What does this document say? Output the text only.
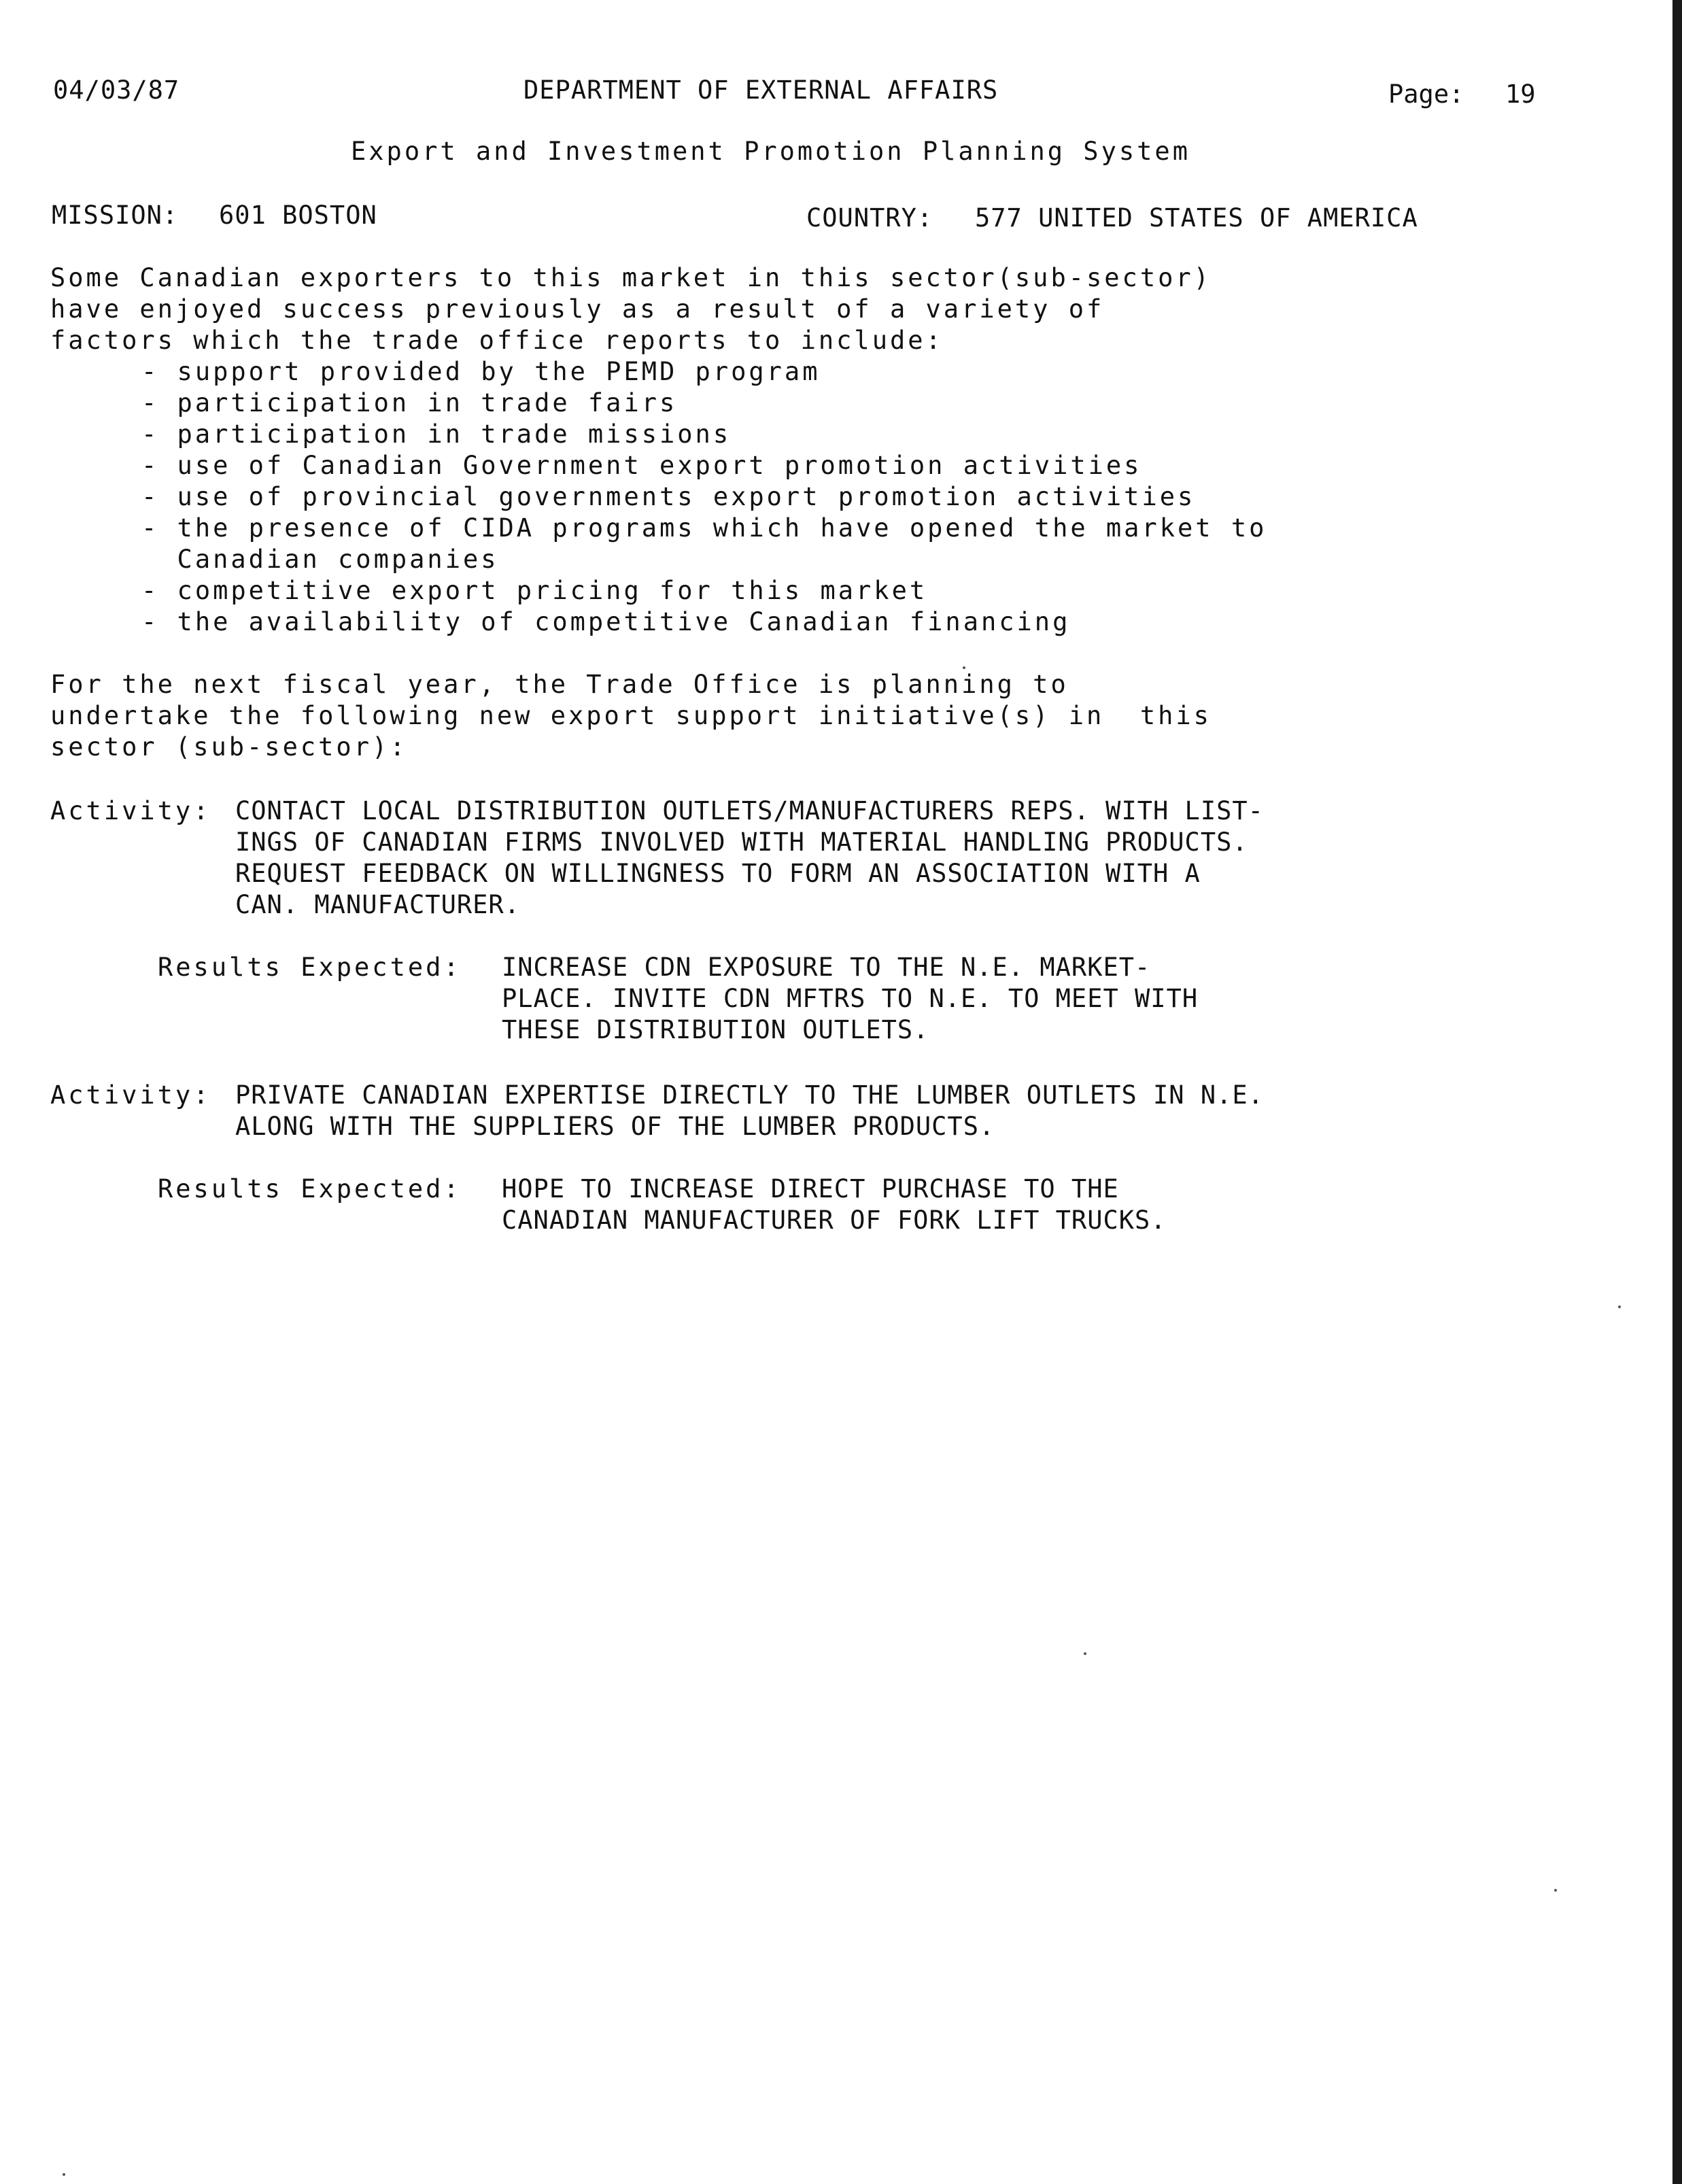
04/03/87	DEPARTMENT OF EXTERNAL AFFAIRS	Page: 19
Export and Investment Promotion Planning System
MISSION: 601 BOSTON	COUNTRY: 577 UNITED STATES OF AMERICA
Some Canadian exporters to this market in this sector(sub-sector)
have enjoyed success previously as a result of a variety of
factors which the trade office reports to include:
- support provided by the PEMD program
- participation in trade fairs
- participation in trade missions
- use of Canadian Government export promotion activities
- use of provincial governments export promotion activities
- the presence of CIDA programs which have opened the market to
Canadian companies
- competitive export pricing for this market
- the availability of competitive Canadian financing
For the next fiscal year, the Trade Office is planning to
undertake the following new export support initiative(s) in  this
sector (sub-sector):
Activity: CONTACT LOCAL DISTRIBUTION OUTLETS/MANUFACTURERS REPS. WITH LIST-
INGS OF CANADIAN FIRMS INVOLVED WITH MATERIAL HANDLING PRODUCTS.
REQUEST FEEDBACK ON WILLINGNESS TO FORM AN ASSOCIATION WITH A
CAN. MANUFACTURER.
Results Expected: INCREASE CDN EXPOSURE TO THE N.E. MARKET-
PLACE. INVITE CDN MFTRS TO N.E. TO MEET WITH
THESE DISTRIBUTION OUTLETS.
Activity: PRIVATE CANADIAN EXPERTISE DIRECTLY TO THE LUMBER OUTLETS IN N.E.
ALONG WITH THE SUPPLIERS OF THE LUMBER PRODUCTS.
Results Expected: HOPE TO INCREASE DIRECT PURCHASE TO THE
CANADIAN MANUFACTURER OF FORK LIFT TRUCKS.
